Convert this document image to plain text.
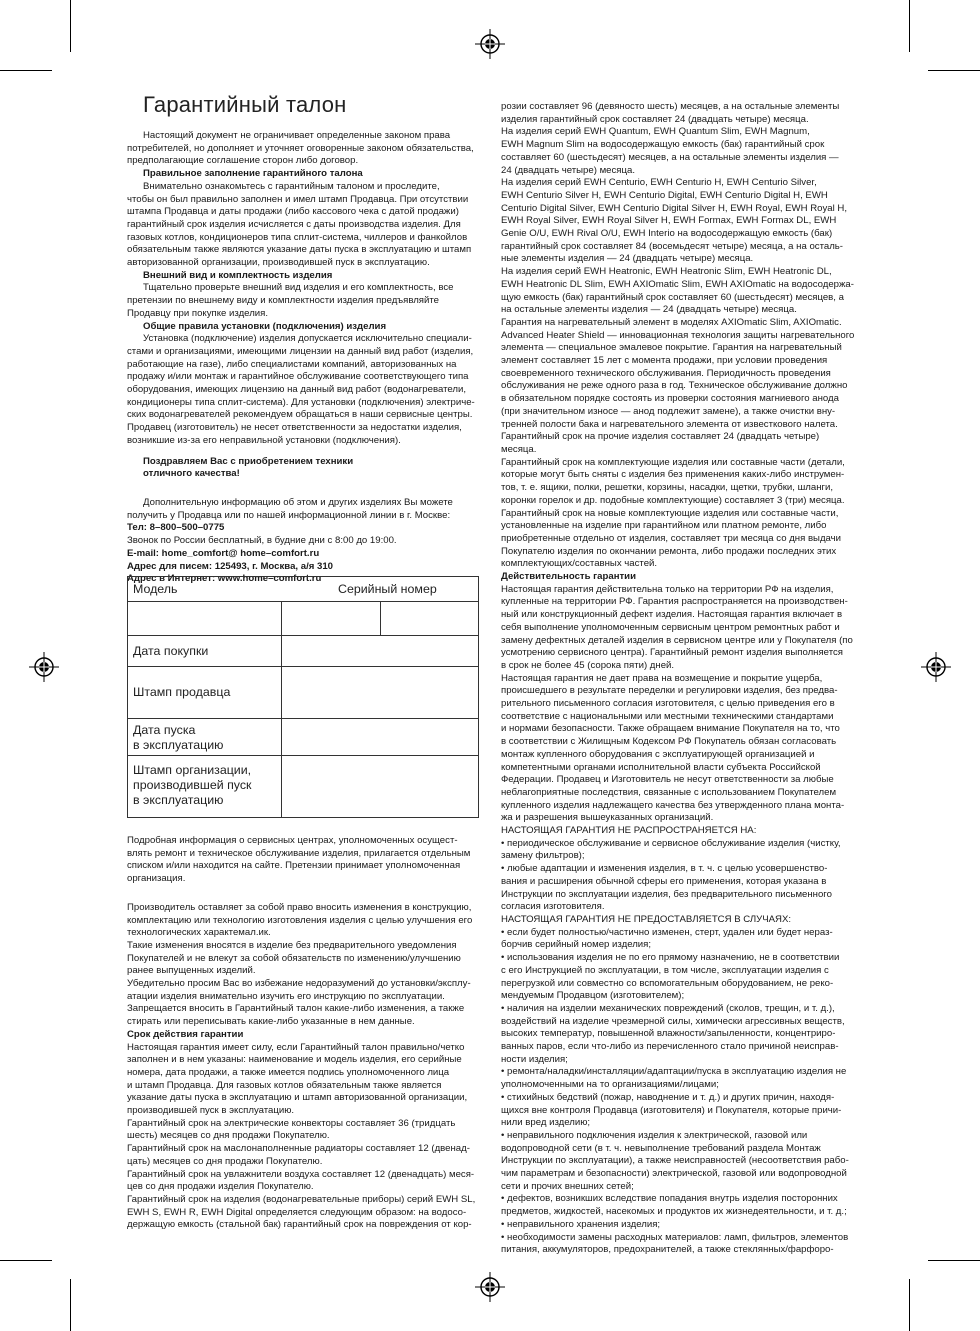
Гарантийный талон
Настоящий документ не ограничивает определенные законом права
потребителей, но дополняет и уточняет оговоренные законом обязательства,
предполагающие соглашение сторон либо договор.
Правильное заполнение гарантийного талона
Внимательно ознакомьтесь с гарантийным талоном и проследите,
чтобы он был правильно заполнен и имел штамп Продавца. При отсутствии
штампа Продавца и даты продажи (либо кассового чека с датой продажи)
гарантийный срок изделия исчисляется с даты производства изделия. Для
газовых котлов, кондиционеров типа сплит-система, чиллеров и фанкойлов
обязательным также являются указание даты пуска в эксплуатацию и штамп
авторизованной организации, производившей пуск в эксплуатацию.
Внешний вид и комплектность изделия
Тщательно проверьте внешний вид изделия и его комплектность, все
претензии по внешнему виду и комплектности изделия предъявляйте
Продавцу при покупке изделия.
Общие правила установки (подключения) изделия
Установка (подключение) изделия допускается исключительно специали-
стами и организациями, имеющими лицензии на данный вид работ (изделия,
работающие на газе), либо специалистами компаний, авторизованных на
продажу и/или монтаж и гарантийное обслуживание соответствующего типа
оборудования, имеющих лицензию на данный вид работ (водонагреватели,
кондиционеры типа сплит-система). Для установки (подключения) электриче-
ских водонагревателей рекомендуем обращаться в наши сервисные центры.
Продавец (изготовитель) не несет ответственности за недостатки изделия,
возникшие из-за его неправильной установки (подключения).
Поздравляем Вас с приобретением техники
отличного качества!
Дополнительную информацию об этом и других изделиях Вы можете
получить у Продавца или по нашей информационной линии в г. Москве:
Тел: 8–800–500–0775
Звонок по России бесплатный, в будние дни с 8:00 до 19:00.
E-mail: home_comfort@ home–comfort.ru
Адрес для писем: 125493, г. Москва, а/я 310
Адрес в Интернет: www.home–comfort.ru
Модель	Серийный номер
Дата покупки
Штамп продавца
Дата пуска
в эксплуатацию
Штамп организации,
производившей пуск
в эксплуатацию
Подробная информация о сервисных центрах, уполномоченных осущест-
влять ремонт и техническое обслуживание изделия, прилагается отдельным
списком и/или находится на сайте. Претензии принимает уполномоченная
организация.
Производитель оставляет за собой право вносить изменения в конструкцию,
комплектацию или технологию изготовления изделия с целью улучшения его
технологических характемал.ик.
Такие изменения вносятся в изделие без предварительного уведомления
Покупателей и не влекут за собой обязательств по изменению/улучшению
ранее выпущенных изделий.
Убедительно просим Вас во избежание недоразумений до установки/эксплу-
атации изделия внимательно изучить его инструкцию по эксплуатации.
Запрещается вносить в Гарантийный талон какие-либо изменения, а также
стирать или переписывать какие-либо указанные в нем данные.
Срок действия гарантии
Настоящая гарантия имеет силу, если Гарантийный талон правильно/четко
заполнен и в нем указаны: наименование и модель изделия, его серийные
номера, дата продажи, а также имеется подпись уполномоченного лица
и штамп Продавца. Для газовых котлов обязательным также является
указание даты пуска в эксплуатацию и штамп авторизованной организации,
производившей пуск в эксплуатацию.
Гарантийный срок на электрические конвекторы составляет 36 (тридцать
шесть) месяцев со дня продажи Покупателю.
Гарантийный срок на маслонаполненные радиаторы составляет 12 (двенад-
цать) месяцев со дня продажи Покупателю.
Гарантийный срок на увлажнители воздуха составляет 12 (двенадцать) меся-
цев со дня продажи изделия Покупателю.
Гарантийный срок на изделия (водонагревательные приборы) серий EWH SL,
EWH S, EWH R, EWH Digital определяется следующим образом: на водосо-
держащую емкость (стальной бак) гарантийный срок на повреждения от кор-
розии составляет 96 (девяносто шесть) месяцев, а на остальные элементы
изделия гарантийный срок составляет 24 (двадцать четыре) месяца.
На изделия серий EWH Quantum, EWH Quantum Slim, EWH Magnum,
EWH Magnum Slim на водосодержащую емкость (бак) гарантийный срок
составляет 60 (шестьдесят) месяцев, а на остальные элементы изделия —
24 (двадцать четыре) месяца.
На изделия серий EWH Centurio, EWH Centurio H, EWH Centurio Silver,
EWH Centurio Silver H, EWH Centurio Digital, EWH Centurio Digital H, EWH
Centurio Digital Silver, EWH Centurio Digital Silver H, EWH Royal, EWH Royal H,
EWH Royal Silver, EWH Royal Silver H, EWH Formax, EWH Formax DL, EWH
Genie O/U, EWH Rival O/U, EWH Interio на водосодержащую емкость (бак)
гарантийный срок составляет 84 (восемьдесят четыре) месяца, а на осталь-
ные элементы изделия — 24 (двадцать четыре) месяца.
На изделия серий EWH Heatronic, EWH Heatronic Slim, EWH Heatronic DL,
EWH Heatronic DL Slim, EWH AXIOmatic Slim, EWH AXIOmatic на водосодержа-
щую емкость (бак) гарантийный срок составляет 60 (шестьдесят) месяцев, а
на остальные элементы изделия — 24 (двадцать четыре) месяца.
Гарантия на нагревательный элемент в моделях AXIOmatic Slim, AXIOmatic.
Advanced Heater Shield — инновационная технология защиты нагревательного
элемента — специальное эмалевое покрытие. Гарантия на нагревательный
элемент составляет 15 лет с момента продажи, при условии проведения
своевременного технического обслуживания. Периодичность проведения
обслуживания не реже одного раза в год. Техническое обслуживание должно
в обязательном порядке состоять из проверки состояния магниевого анода
(при значительном износе — анод подлежит замене), а также очистки вну-
тренней полости бака и нагревательного элемента от известкового налета.
Гарантийный срок на прочие изделия составляет 24 (двадцать четыре)
месяца.
Гарантийный срок на комплектующие изделия или составные части (детали,
которые могут быть сняты с изделия без применения каких-либо инструмен-
тов, т. е. ящики, полки, решетки, корзины, насадки, щетки, трубки, шланги,
коронки горелок и др. подобные комплектующие) составляет 3 (три) месяца.
Гарантийный срок на новые комплектующие изделия или составные части,
установленные на изделие при гарантийном или платном ремонте, либо
приобретенные отдельно от изделия, составляет три месяца со дня выдачи
Покупателю изделия по окончании ремонта, либо продажи последних этих
комплектующих/составных частей.
Действительность гарантии
Настоящая гарантия действительна только на территории РФ на изделия,
купленные на территории РФ. Гарантия распространяется на производствен-
ный или конструкционный дефект изделия. Настоящая гарантия включает в
себя выполнение уполномоченным сервисным центром ремонтных работ и
замену дефектных деталей изделия в сервисном центре или у Покупателя (по
усмотрению сервисного центра). Гарантийный ремонт изделия выполняется
в срок не более 45 (сорока пяти) дней.
Настоящая гарантия не дает права на возмещение и покрытие ущерба,
происшедшего в результате переделки и регулировки изделия, без предва-
рительного письменного согласия изготовителя, с целью приведения его в
соответствие с национальными или местными техническими стандартами
и нормами безопасности. Также обращаем внимание Покупателя на то, что
в соответствии с Жилищным Кодексом РФ Покупатель обязан согласовать
монтаж купленного оборудования с эксплуатирующей организацией и
компетентными органами исполнительной власти субъекта Российской
Федерации. Продавец и Изготовитель не несут ответственности за любые
неблагоприятные последствия, связанные с использованием Покупателем
купленного изделия надлежащего качества без утвержденного плана монта-
жа и разрешения вышеуказанных организаций.
НАСТОЯЩАЯ ГАРАНТИЯ НЕ РАСПРОСТРАНЯЕТСЯ НА:
• периодическое обслуживание и сервисное обслуживание изделия (чистку,
замену фильтров);
• любые адаптации и изменения изделия, в т. ч. с целью усовершенство-
вания и расширения обычной сферы его применения, которая указана в
Инструкции по эксплуатации изделия, без предварительного письменного
согласия изготовителя.
НАСТОЯЩАЯ ГАРАНТИЯ НЕ ПРЕДОСТАВЛЯЕТСЯ В СЛУЧАЯХ:
• если будет полностью/частично изменен, стерт, удален или будет нераз-
борчив серийный номер изделия;
• использования изделия не по его прямому назначению, не в соответствии
с его Инструкцией по эксплуатации, в том числе, эксплуатации изделия с
перегрузкой или совместно со вспомогательным оборудованием, не реко-
мендуемым Продавцом (изготовителем);
• наличия на изделии механических повреждений (сколов, трещин, и т. д.),
воздействий на изделие чрезмерной силы, химически агрессивных веществ,
высоких температур, повышенной влажности/запыленности, концентриро-
ванных паров, если что-либо из перечисленного стало причиной неиспрaв-
ности изделия;
• ремонта/наладки/инсталляции/адаптации/пуска в эксплуатацию изделия не
уполномоченными на то организациями/лицами;
• стихийных бедствий (пожар, наводнение и т. д.) и других причин, находя-
щихся вне контроля Продавца (изготовителя) и Покупателя, которые причи-
нили вред изделию;
• неправильного подключения изделия к электрической, газовой или
водопроводной сети (в т. ч. невыполнение требований раздела Монтаж
Инструкции по эксплуатации), а также неисправностей (несоответствия рабо-
чим параметрам и безопасности) электрической, газовой или водопроводной
сети и прочих внешних сетей;
• дефектов, возникших вследствие попадания внутрь изделия посторонних
предметов, жидкостей, насекомых и продуктов их жизнедеятельности, и т. д.;
• неправильного хранения изделия;
• необходимости замены расходных материалов: ламп, фильтров, элементов
питания, аккумуляторов, предохранителей, а также стеклянных/фарфоро-
